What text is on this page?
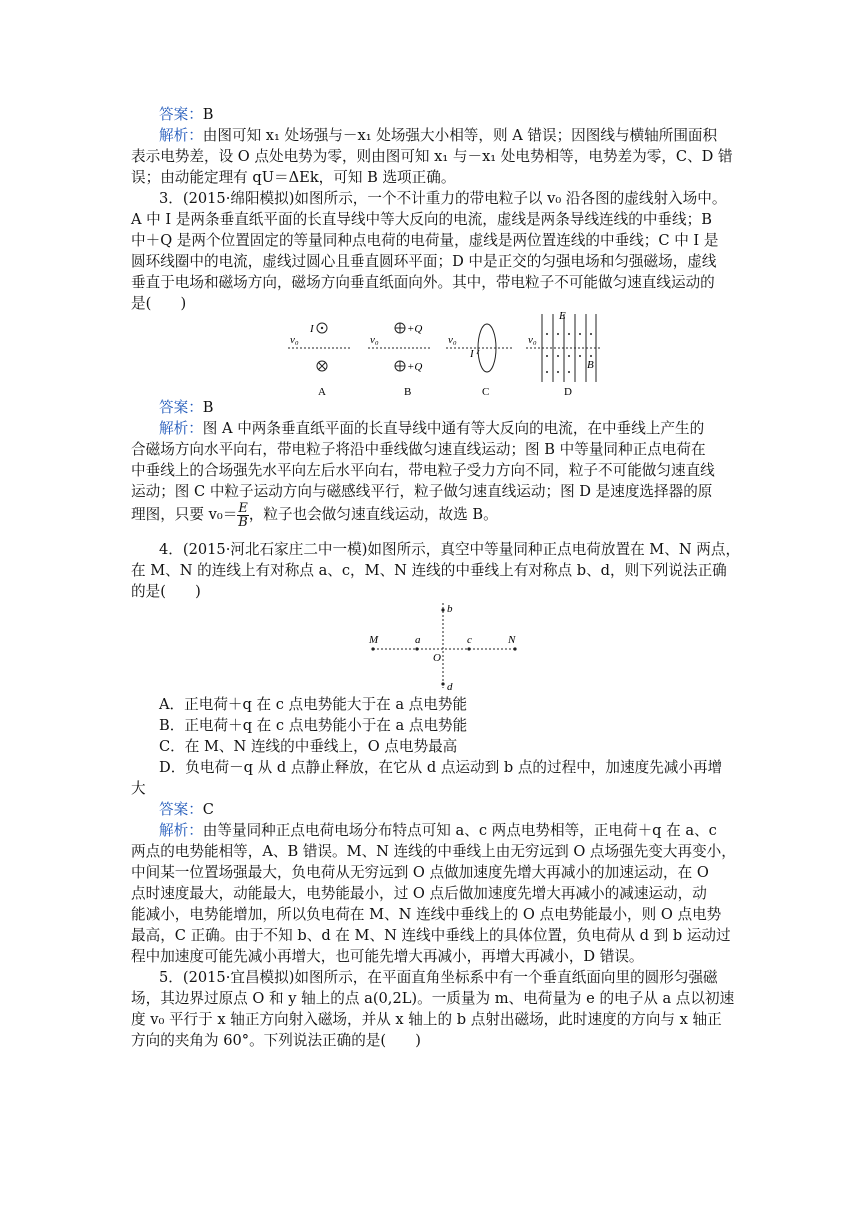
答案：B
解析：由图可知 x₁ 处场强与－x₁ 处场强大小相等，则 A 错误；因图线与横轴所围面积
表示电势差，设 O 点处电势为零，则由图可知 x₁ 与－x₁ 处电势相等，电势差为零，C、D 错
误；由动能定理有 qU＝ΔEk，可知 B 选项正确。
3．(2015·绵阳模拟)如图所示，一个不计重力的带电粒子以 v₀ 沿各图的虚线射入场中。
A 中 I 是两条垂直纸平面的长直导线中等大反向的电流，虚线是两条导线连线的中垂线；B
中＋Q 是两个位置固定的等量同种点电荷的电荷量，虚线是两位置连线的中垂线；C 中 I 是
圆环线圈中的电流，虚线过圆心且垂直圆环平面；D 中是正交的匀强电场和匀强磁场，虚线
垂直于电场和磁场方向，磁场方向垂直纸面向外。其中，带电粒子不可能做匀速直线运动的
是(　　)
v₀
I
A
v₀
+Q
+Q
B
v₀
I
C
v₀
E
B
D
答案：B
解析：图 A 中两条垂直纸平面的长直导线中通有等大反向的电流，在中垂线上产生的
合磁场方向水平向右，带电粒子将沿中垂线做匀速直线运动；图 B 中等量同种正点电荷在
中垂线上的合场强先水平向左后水平向右，带电粒子受力方向不同，粒子不可能做匀速直线
运动；图 C 中粒子运动方向与磁感线平行，粒子做匀速直线运动；图 D 是速度选择器的原
理图，只要 $v_0= \frac{E}{B}$ ，粒子也会做匀速直线运动，故选 B。
4．(2015·河北石家庄二中一模)如图所示，真空中等量同种正点电荷放置在 M、N 两点，
在 M、N 的连线上有对称点 a、c，M、N 连线的中垂线上有对称点 b、d，则下列说法正确
的是(　　)
M	N
a	c
b
d
O
A．正电荷＋q 在 c 点电势能大于在 a 点电势能
B．正电荷＋q 在 c 点电势能小于在 a 点电势能
C．在 M、N 连线的中垂线上，O 点电势最高
D．负电荷－q 从 d 点静止释放，在它从 d 点运动到 b 点的过程中，加速度先减小再增
大
答案：C
解析：由等量同种正点电荷电场分布特点可知 a、c 两点电势相等，正电荷＋q 在 a、c
两点的电势能相等，A、B 错误。M、N 连线的中垂线上由无穷远到 O 点场强先变大再变小，
中间某一位置场强最大，负电荷从无穷远到 O 点做加速度先增大再减小的加速运动，在 O
点时速度最大，动能最大，电势能最小，过 O 点后做加速度先增大再减小的减速运动，动
能减小，电势能增加，所以负电荷在 M、N 连线中垂线上的 O 点电势能最小，则 O 点电势
最高，C 正确。由于不知 b、d 在 M、N 连线中垂线上的具体位置，负电荷从 d 到 b 运动过
程中加速度可能先减小再增大，也可能先增大再减小，再增大再减小，D 错误。
5．(2015·宜昌模拟)如图所示，在平面直角坐标系中有一个垂直纸面向里的圆形匀强磁
场，其边界过原点 O 和 y 轴上的点 a(0,2L)。一质量为 m、电荷量为 e 的电子从 a 点以初速
度 v₀ 平行于 x 轴正方向射入磁场，并从 x 轴上的 b 点射出磁场，此时速度的方向与 x 轴正
方向的夹角为 60°。下列说法正确的是(　　)
